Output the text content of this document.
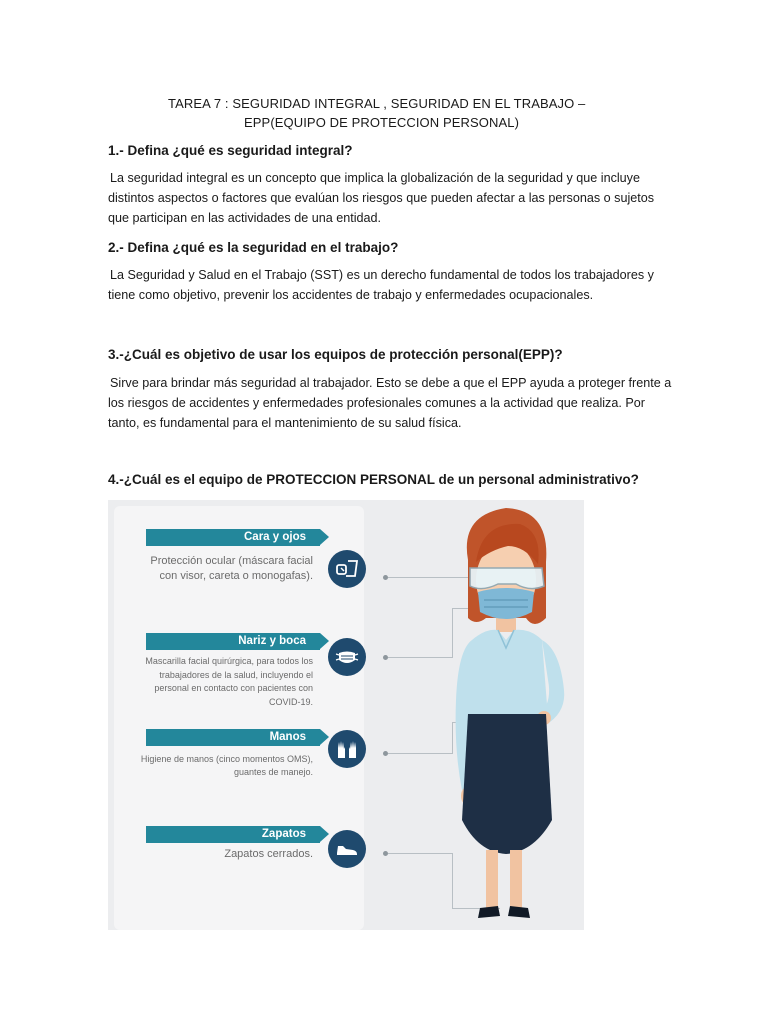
TAREA 7 : SEGURIDAD INTEGRAL , SEGURIDAD EN EL TRABAJO –
EPP(EQUIPO DE PROTECCION PERSONAL)
1.- Defina ¿qué es seguridad integral?
La seguridad integral es un concepto que implica la globalización de la seguridad y que incluye distintos aspectos o factores que evalúan los riesgos que pueden afectar a las personas o sujetos que participan en las actividades de una entidad.
2.- Defina ¿qué es la seguridad en el trabajo?
La Seguridad y Salud en el Trabajo (SST) es un derecho fundamental de todos los trabajadores y tiene como objetivo, prevenir los accidentes de trabajo y enfermedades ocupacionales.
3.-¿Cuál es objetivo de usar los equipos de protección personal(EPP)?
Sirve para brindar más seguridad al trabajador. Esto se debe a que el EPP ayuda a proteger frente a los riesgos de accidentes y enfermedades profesionales comunes a la actividad que realiza. Por tanto, es fundamental para el mantenimiento de su salud física.
4.-¿Cuál es el equipo de PROTECCION PERSONAL de un personal administrativo?
Cara y ojos
Protección ocular (máscara facial con visor, careta o monogafas).
Nariz y boca
Mascarilla facial quirúrgica, para todos los trabajadores de la salud, incluyendo el personal en contacto con pacientes con COVID-19.
Manos
Higiene de manos (cinco momentos OMS), guantes de manejo.
Zapatos
Zapatos cerrados.
